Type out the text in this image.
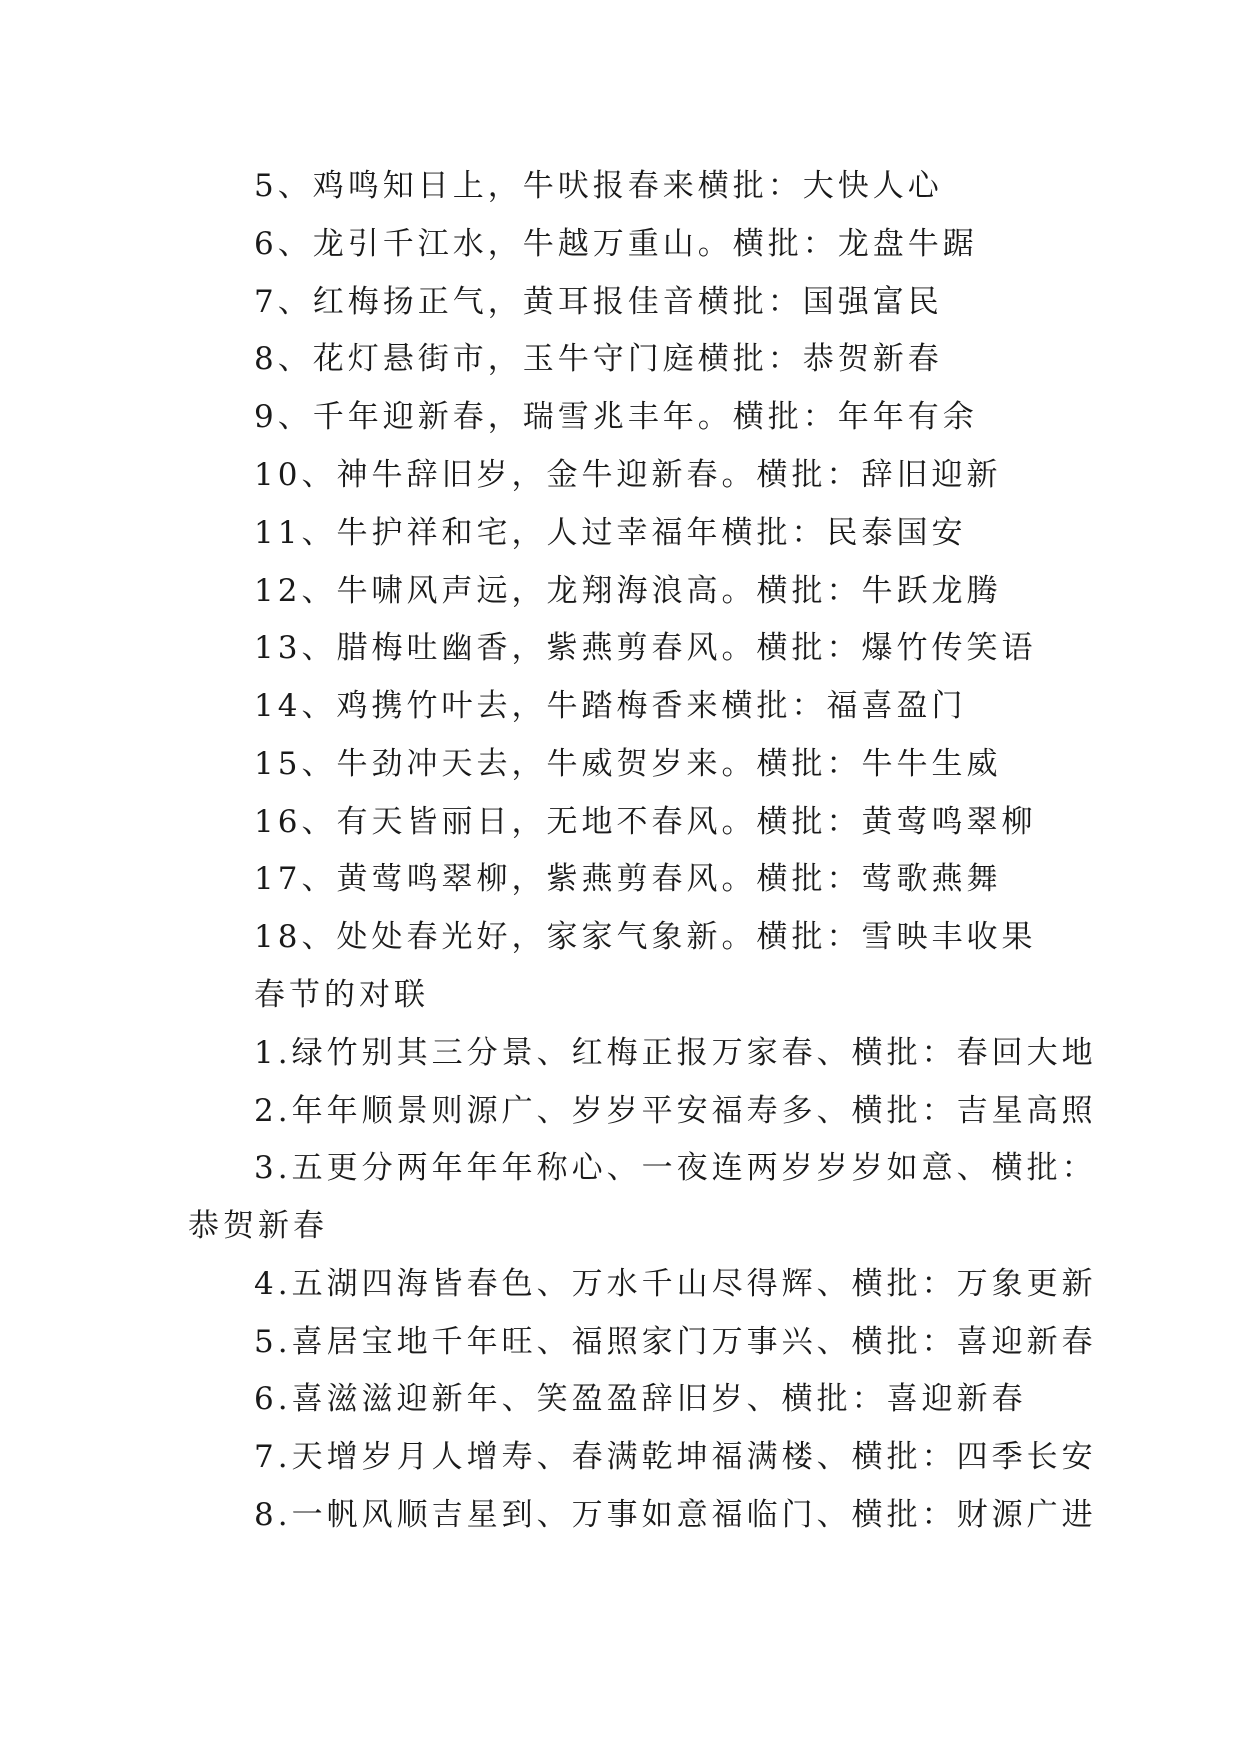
5、鸡鸣知日上，牛吠报春来横批：大快人心
6、龙引千江水，牛越万重山。横批：龙盘牛踞
7、红梅扬正气，黄耳报佳音横批：国强富民
8、花灯悬街市，玉牛守门庭横批：恭贺新春
9、千年迎新春，瑞雪兆丰年。横批：年年有余
10、神牛辞旧岁，金牛迎新春。横批：辞旧迎新
11、牛护祥和宅，人过幸福年横批：民泰国安
12、牛啸风声远，龙翔海浪高。横批：牛跃龙腾
13、腊梅吐幽香，紫燕剪春风。横批：爆竹传笑语
14、鸡携竹叶去，牛踏梅香来横批：福喜盈门
15、牛劲冲天去，牛威贺岁来。横批：牛牛生威
16、有天皆丽日，无地不春风。横批：黄莺鸣翠柳
17、黄莺鸣翠柳，紫燕剪春风。横批：莺歌燕舞
18、处处春光好，家家气象新。横批：雪映丰收果
春节的对联
1.绿竹别其三分景、红梅正报万家春、横批：春回大地
2.年年顺景则源广、岁岁平安福寿多、横批：吉星高照
3.五更分两年年年称心、一夜连两岁岁岁如意、横批：
恭贺新春
4.五湖四海皆春色、万水千山尽得辉、横批：万象更新
5.喜居宝地千年旺、福照家门万事兴、横批：喜迎新春
6.喜滋滋迎新年、笑盈盈辞旧岁、横批：喜迎新春
7.天增岁月人增寿、春满乾坤福满楼、横批：四季长安
8.一帆风顺吉星到、万事如意福临门、横批：财源广进
